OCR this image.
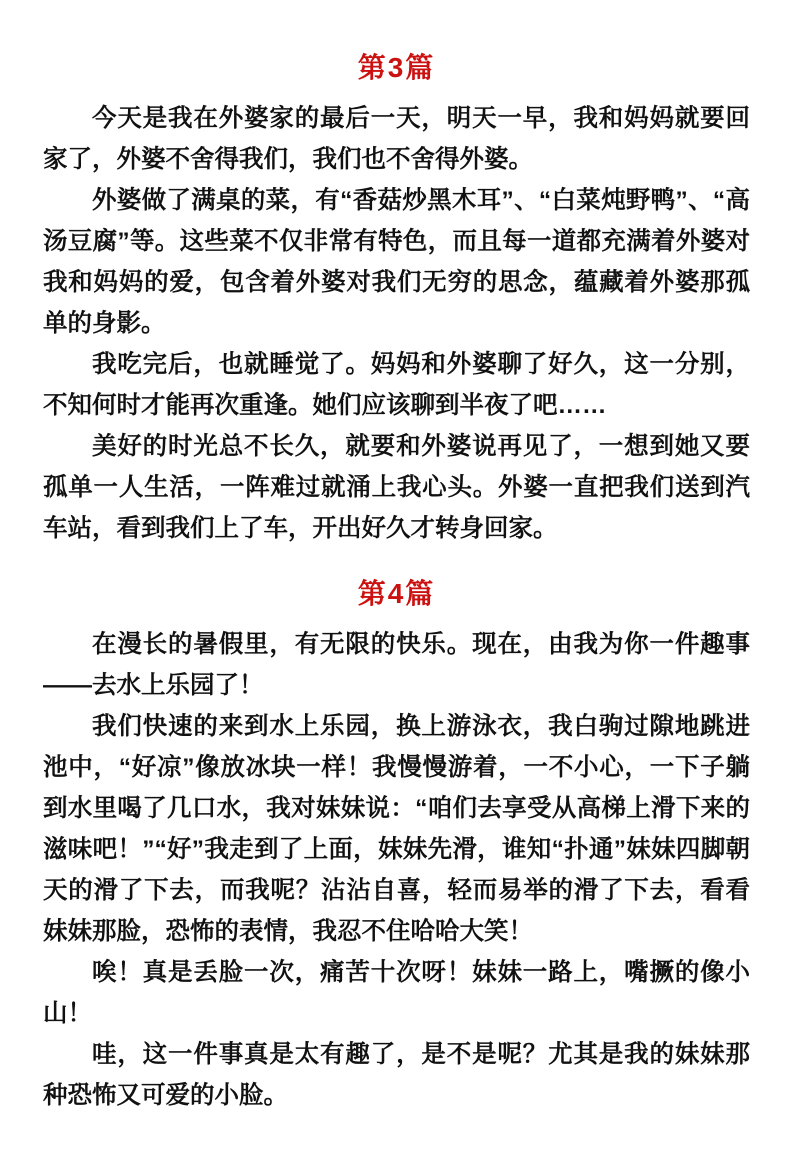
第3篇

今天是我在外婆家的最后一天，明天一早，我和妈妈就要回家了，外婆不舍得我们，我们也不舍得外婆。

外婆做了满桌的菜，有“香菇炒黑木耳”、“白菜炖野鸭”、“高汤豆腐”等。这些菜不仅非常有特色，而且每一道都充满着外婆对我和妈妈的爱，包含着外婆对我们无穷的思念，蕴藏着外婆那孤单的身影。

我吃完后，也就睡觉了。妈妈和外婆聊了好久，这一分别，不知何时才能再次重逢。她们应该聊到半夜了吧……

美好的时光总不长久，就要和外婆说再见了，一想到她又要孤单一人生活，一阵难过就涌上我心头。外婆一直把我们送到汽车站，看到我们上了车，开出好久才转身回家。

第4篇

在漫长的暑假里，有无限的快乐。现在，由我为你一件趣事——去水上乐园了！

我们快速的来到水上乐园，换上游泳衣，我白驹过隙地跳进池中，“好凉”像放冰块一样！我慢慢游着，一不小心，一下子躺到水里喝了几口水，我对妹妹说：“咱们去享受从高梯上滑下来的滋味吧！”“好”我走到了上面，妹妹先滑，谁知“扑通”妹妹四脚朝天的滑了下去，而我呢？沾沾自喜，轻而易举的滑了下去，看看妹妹那脸，恐怖的表情，我忍不住哈哈大笑！

唉！真是丢脸一次，痛苦十次呀！妹妹一路上，嘴撅的像小山！

哇，这一件事真是太有趣了，是不是呢？尤其是我的妹妹那种恐怖又可爱的小脸。
